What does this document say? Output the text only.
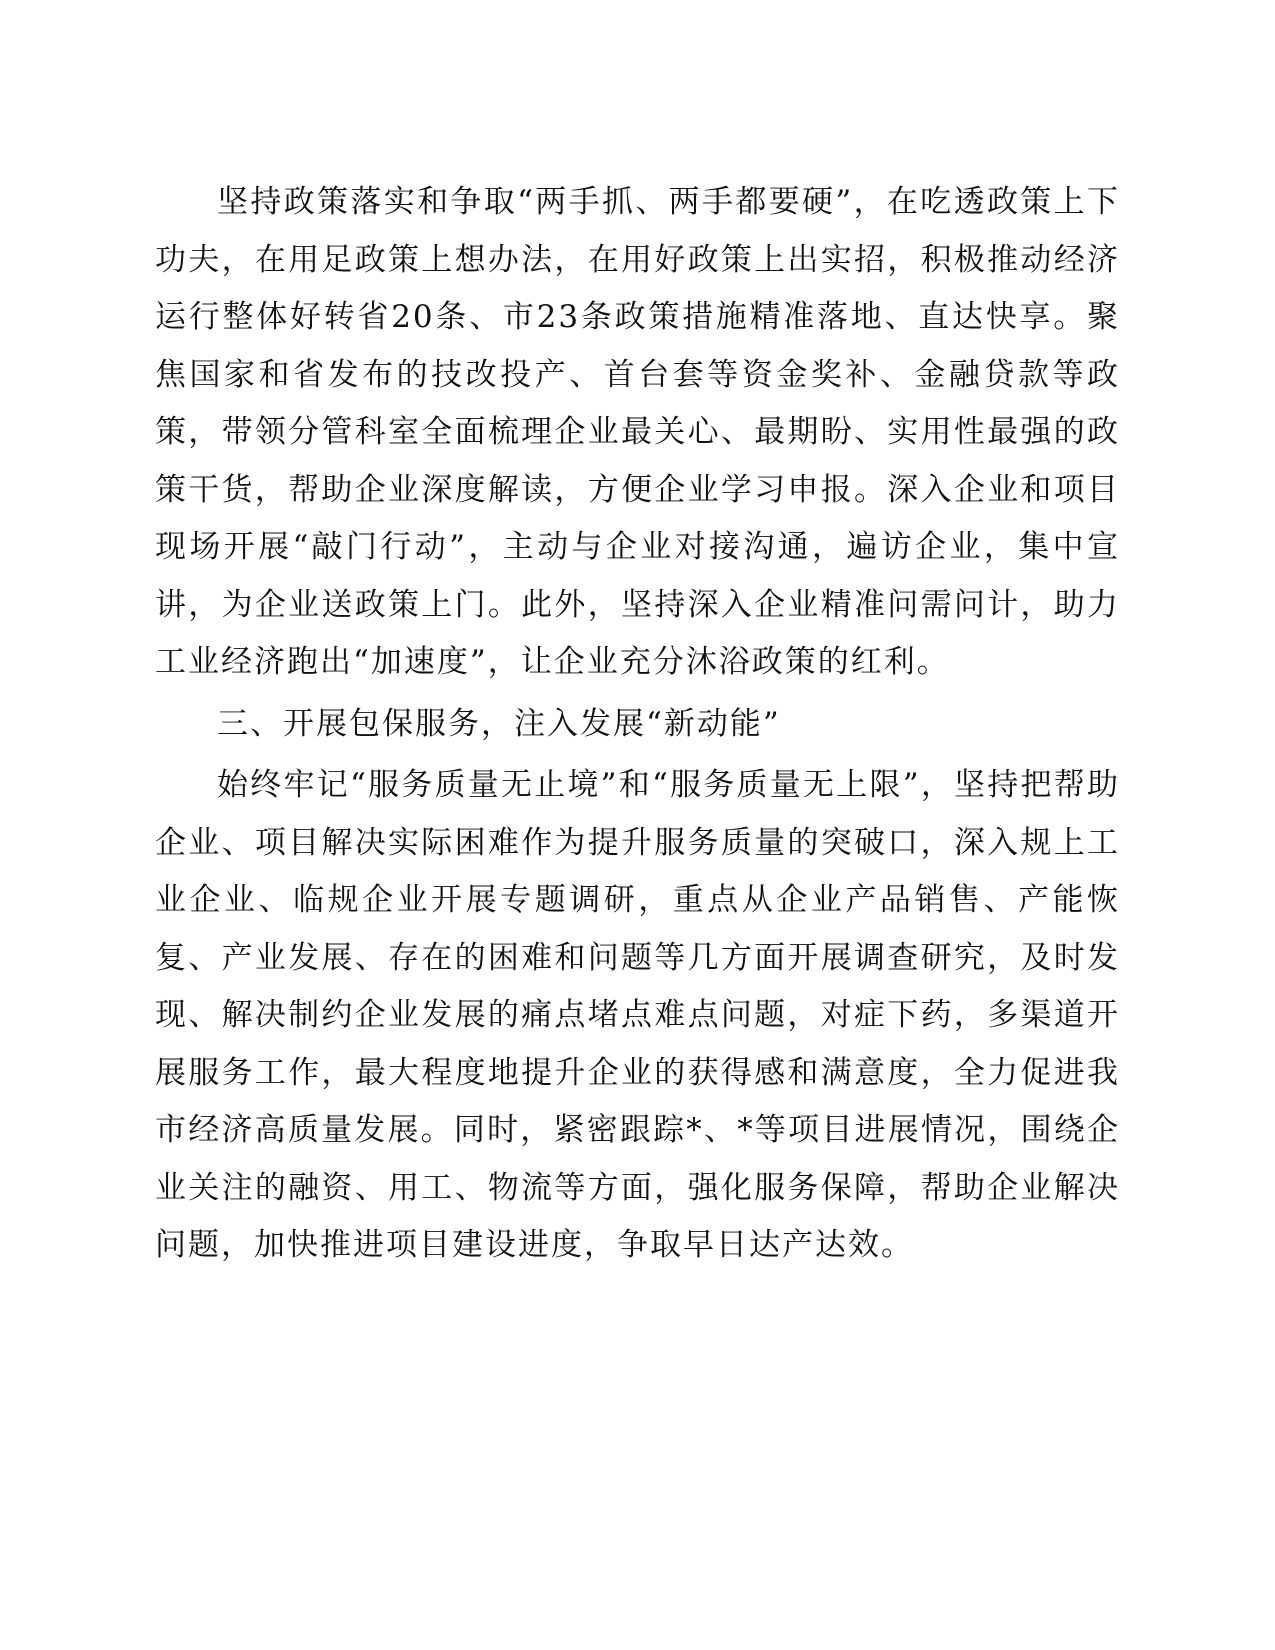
坚持政策落实和争取“两手抓、两手都要硬”，在吃透政策上下功夫，在用足政策上想办法，在用好政策上出实招，积极推动经济运行整体好转省20条、市23条政策措施精准落地、直达快享。聚焦国家和省发布的技改投产、首台套等资金奖补、金融贷款等政策，带领分管科室全面梳理企业最关心、最期盼、实用性最强的政策干货，帮助企业深度解读，方便企业学习申报。深入企业和项目现场开展“敲门行动”，主动与企业对接沟通，遍访企业，集中宣讲，为企业送政策上门。此外，坚持深入企业精准问需问计，助力工业经济跑出“加速度”，让企业充分沐浴政策的红利。

三、开展包保服务，注入发展“新动能”

始终牢记“服务质量无止境”和“服务质量无上限”，坚持把帮助企业、项目解决实际困难作为提升服务质量的突破口，深入规上工业企业、临规企业开展专题调研，重点从企业产品销售、产能恢复、产业发展、存在的困难和问题等几方面开展调查研究，及时发现、解决制约企业发展的痛点堵点难点问题，对症下药，多渠道开展服务工作，最大程度地提升企业的获得感和满意度，全力促进我市经济高质量发展。同时，紧密跟踪*、*等项目进展情况，围绕企业关注的融资、用工、物流等方面，强化服务保障，帮助企业解决问题，加快推进项目建设进度，争取早日达产达效。
